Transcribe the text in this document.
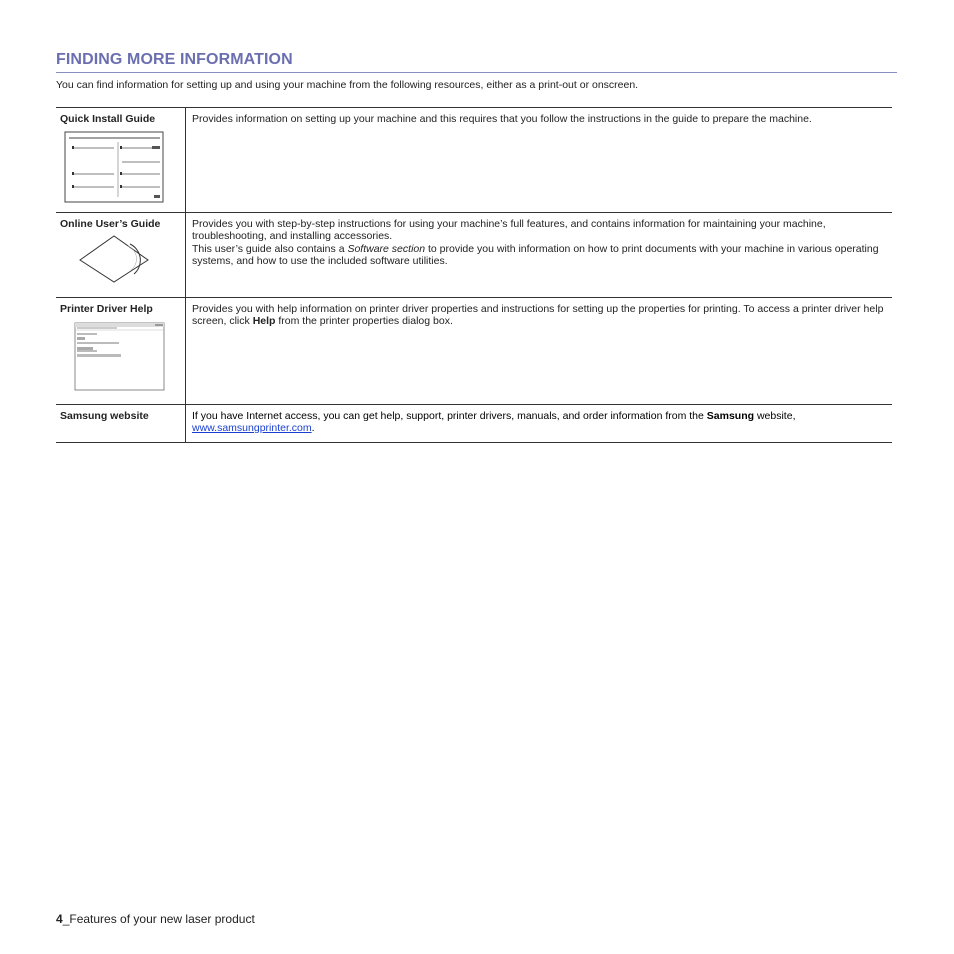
FINDING MORE INFORMATION
You can find information for setting up and using your machine from the following resources, either as a print-out or onscreen.
Quick Install Guide	Provides information on setting up your machine and this requires that you follow the instructions in the guide to prepare the machine.

Online User’s Guide	Provides you with step-by-step instructions for using your machine’s full features, and contains information for maintaining your machine, troubleshooting, and installing accessories.

This user’s guide also contains a Software section to provide you with information on how to print documents with your machine in various operating systems, and how to use the included software utilities.

Printer Driver Help	Provides you with help information on printer driver properties and instructions for setting up the properties for printing. To access a printer driver help screen, click Help from the printer properties dialog box.

Samsung website	If you have Internet access, you can get help, support, printer drivers, manuals, and order information from the Samsung website, www.samsungprinter.com.

4_Features of your new laser product
